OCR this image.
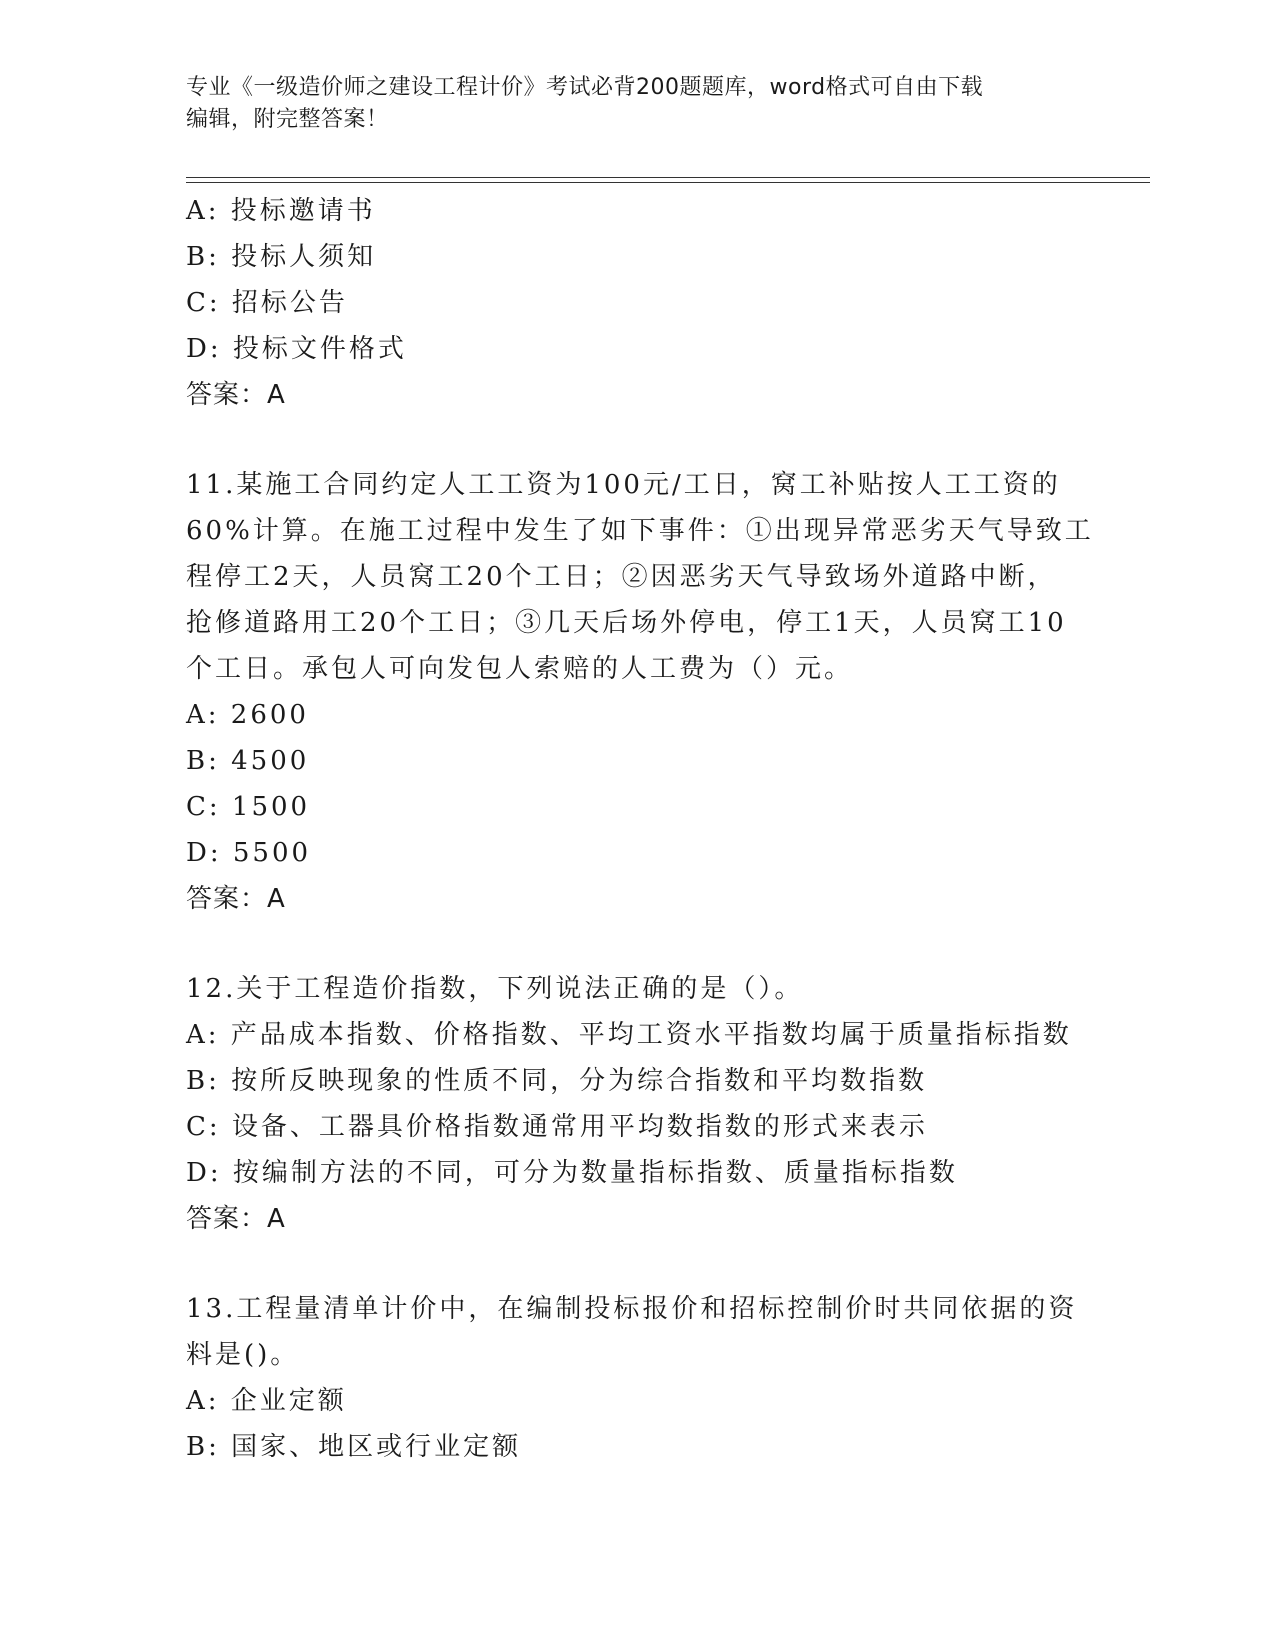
专业《一级造价师之建设工程计价》考试必背200题题库，word格式可自由下载
编辑，附完整答案！
A: 投标邀请书
B: 投标人须知
C: 招标公告
D: 投标文件格式
答案：A
11.某施工合同约定人工工资为100元/工日，窝工补贴按人工工资的
60%计算。在施工过程中发生了如下事件：①出现异常恶劣天气导致工
程停工2天，人员窝工20个工日；②因恶劣天气导致场外道路中断，
抢修道路用工20个工日；③几天后场外停电，停工1天，人员窝工10
个工日。承包人可向发包人索赔的人工费为（）元。
A: 2600
B: 4500
C: 1500
D: 5500
答案：A
12.关于工程造价指数，下列说法正确的是（）。
A: 产品成本指数、价格指数、平均工资水平指数均属于质量指标指数
B: 按所反映现象的性质不同，分为综合指数和平均数指数
C: 设备、工器具价格指数通常用平均数指数的形式来表示
D: 按编制方法的不同，可分为数量指标指数、质量指标指数
答案：A
13.工程量清单计价中，在编制投标报价和招标控制价时共同依据的资
料是()。
A: 企业定额
B: 国家、地区或行业定额
